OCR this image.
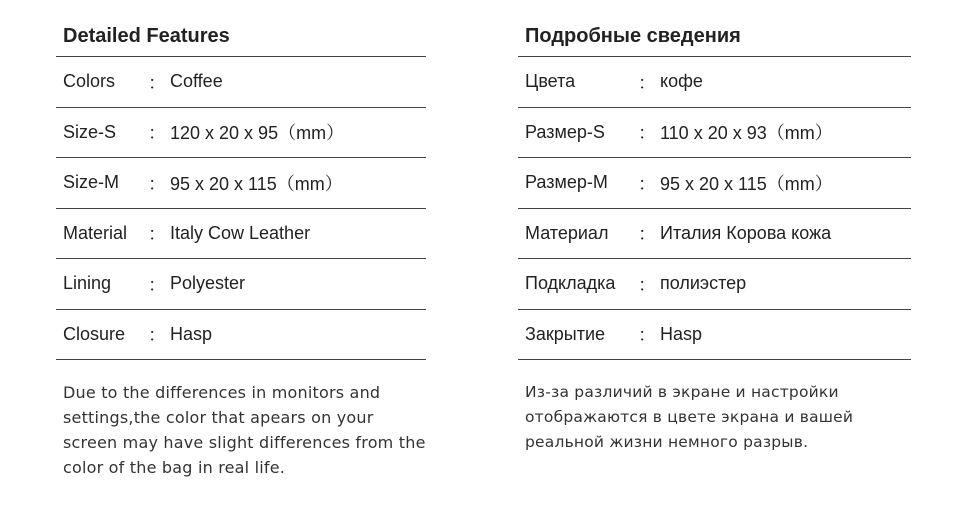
Detailed Features
Colors	： Coffee
Size-S	： 120 x 20 x 95（mm）
Size-M	： 95 x 20 x 115（mm）
Material	： Italy Cow Leather
Lining	： Polyester
Closure	： Hasp
Due to the differences in monitors and settings,the color that apears on your screen may have slight differences from the color of the bag in real life.
Подробные сведения
Цвета	： кофе
Размер-S	： 110 x 20 x 93（mm）
Размер-M	： 95 x 20 x 115（mm）
Материал	： Италия Корова кожа
Подкладка	： полиэстер
Закрытие	： Hasp
Из-за различий в экране и настройки отображаются в цвете экрана и вашей реальной жизни немного разрыв.
